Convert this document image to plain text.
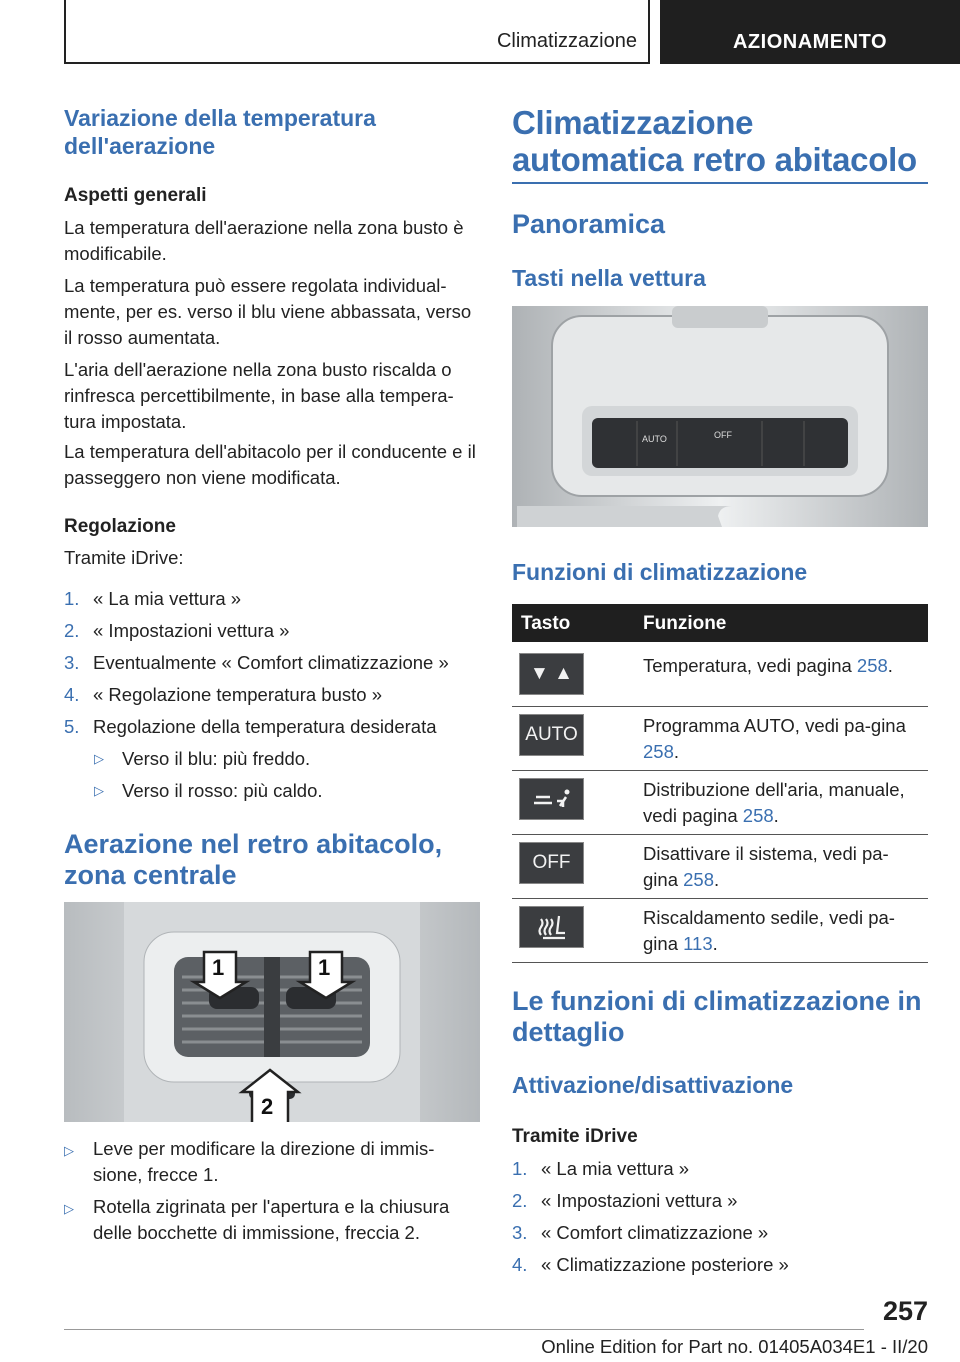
Climatizzazione	AZIONAMENTO
Variazione della temperatura dell'aerazione
Aspetti generali
La temperatura dell'aerazione nella zona busto è modificabile.
La temperatura può essere regolata individual-mente, per es. verso il blu viene abbassata, verso il rosso aumentata.
L'aria dell'aerazione nella zona busto riscalda o rinfresca percettibilmente, in base alla tempera-tura impostata.
La temperatura dell'abitacolo per il conducente e il passeggero non viene modificata.
Regolazione
Tramite iDrive:
1. « La mia vettura »
2. « Impostazioni vettura »
3. Eventualmente « Comfort climatizzazione »
4. « Regolazione temperatura busto »
5. Regolazione della temperatura desiderata
▷ Verso il blu: più freddo.
▷ Verso il rosso: più caldo.
Aerazione nel retro abitacolo, zona centrale
1	1
2
▷ Leve per modificare la direzione di immis-sione, frecce 1.
▷ Rotella zigrinata per l'apertura e la chiusura delle bocchette di immissione, freccia 2.
Climatizzazione automatica retro abitacolo
Panoramica
Tasti nella vettura
AUTO	OFF
Funzioni di climatizzazione
Tasto	Funzione
▼ ▲	Temperatura, vedi pagina 258.
AUTO	Programma AUTO, vedi pa-gina 258.
Distribuzione dell'aria, manuale, vedi pagina 258.
OFF	Disattivare il sistema, vedi pa-gina 258.
Riscaldamento sedile, vedi pa-gina 113.
Le funzioni di climatizzazione in dettaglio
Attivazione/disattivazione
Tramite iDrive
1. « La mia vettura »
2. « Impostazioni vettura »
3. « Comfort climatizzazione »
4. « Climatizzazione posteriore »
257
Online Edition for Part no. 01405A034E1 - II/20
